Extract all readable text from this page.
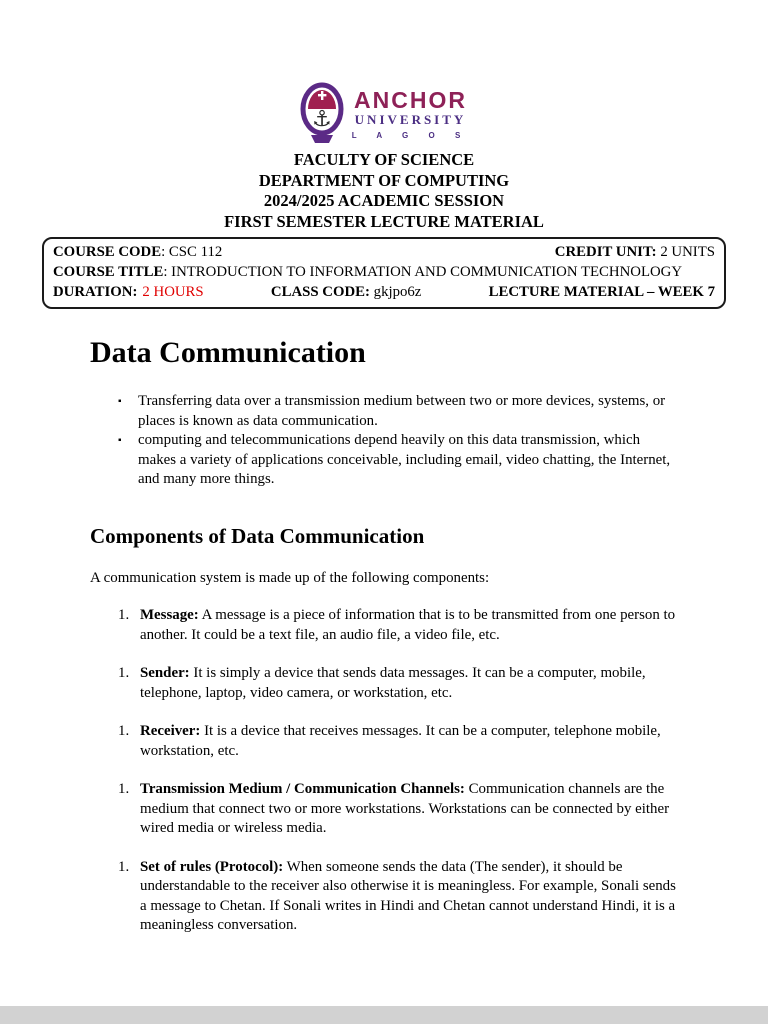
⚓
ANCHOR
UNIVERSITY
L A G O S
FACULTY OF SCIENCE
DEPARTMENT OF COMPUTING
2024/2025 ACADEMIC SESSION
FIRST SEMESTER LECTURE MATERIAL
COURSE CODE: CSC 112	CREDIT UNIT: 2 UNITS
COURSE TITLE: INTRODUCTION TO INFORMATION AND COMMUNICATION TECHNOLOGY
DURATION: 2 HOURS	CLASS CODE: gkjpo6z	LECTURE MATERIAL – WEEK 7
Data Communication
▪	Transferring data over a transmission medium between two or more devices, systems, or places is known as data communication.
▪	computing and telecommunications depend heavily on this data transmission, which makes a variety of applications conceivable, including email, video chatting, the Internet, and many more things.
Components of Data Communication

A communication system is made up of the following components:

1. Message: A message is a piece of information that is to be transmitted from one person to another. It could be a text file, an audio file, a video file, etc.

1. Sender: It is simply a device that sends data messages. It can be a computer, mobile, telephone, laptop, video camera, or workstation, etc.

1. Receiver: It is a device that receives messages. It can be a computer, telephone mobile, workstation, etc.

1. Transmission Medium / Communication Channels: Communication channels are the medium that connect two or more workstations. Workstations can be connected by either wired media or wireless media.

1. Set of rules (Protocol): When someone sends the data (The sender), it should be understandable to the receiver also otherwise it is meaningless. For example, Sonali sends a message to Chetan. If Sonali writes in Hindi and Chetan cannot understand Hindi, it is a meaningless conversation.
